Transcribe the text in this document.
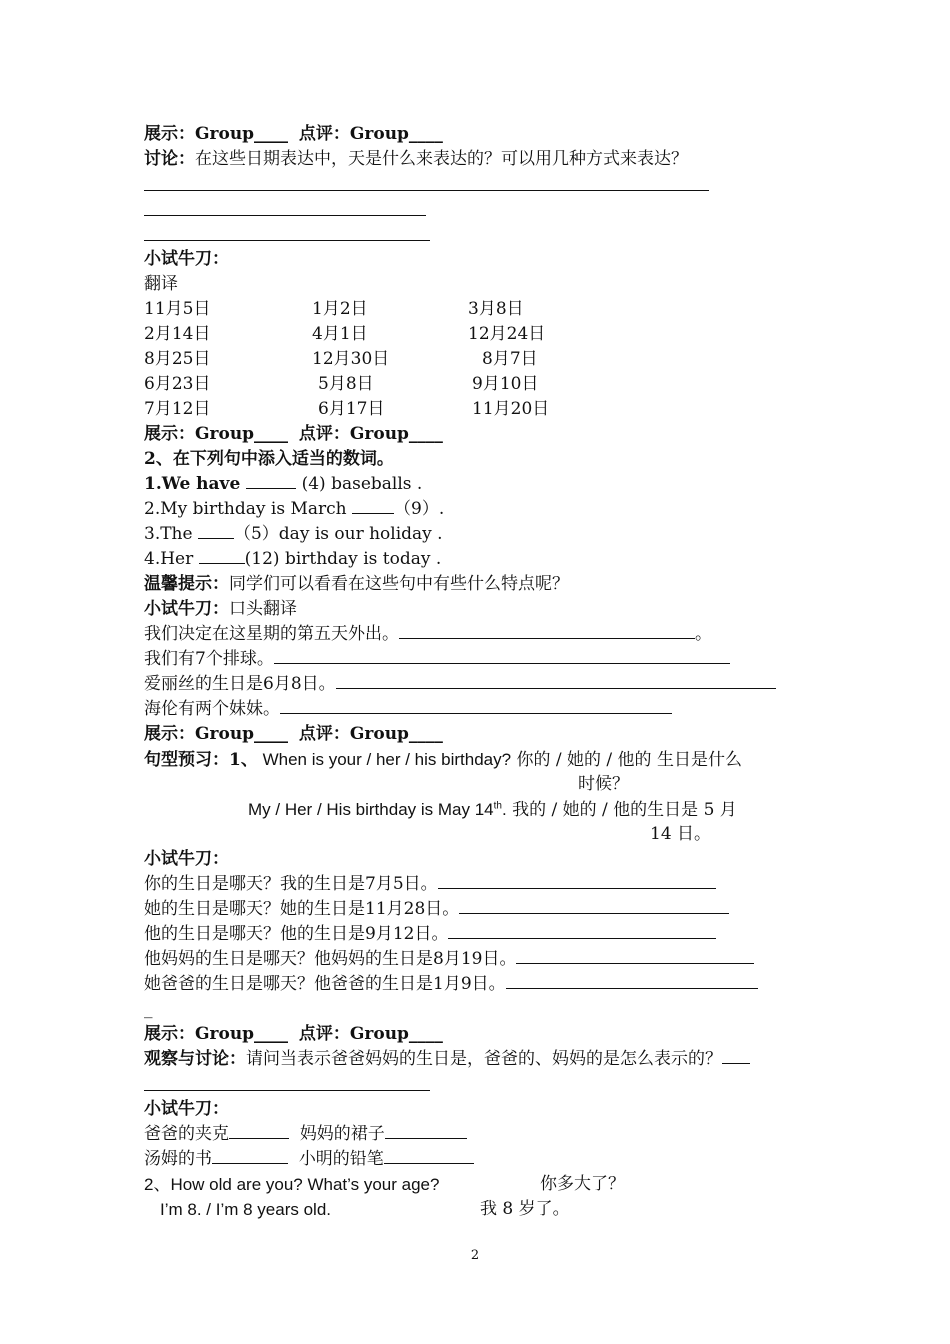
展示：Group____ 点评：Group____
讨论：在这些日期表达中，天是什么来表达的？可以用几种方式来表达？
小试牛刀：
翻译
11月5日	1月2日	3月8日
2月14日	4月1日	12月24日
8月25日	12月30日	8月7日
6月23日	5月8日	9月10日
7月12日	6月17日	11月20日
展示：Group____ 点评：Group____
2、在下列句中添入适当的数词。
1.We have	(4) baseballs .
2.My birthday is March （9）.
3.The （5）day is our holiday .
4.Her	(12) birthday is today .
温馨提示：同学们可以看看在这些句中有些什么特点呢？
小试牛刀：口头翻译
我们决定在这星期的第五天外出。	。
我们有7个排球。
爱丽丝的生日是6月8日。
海伦有两个妹妹。
展示：Group____ 点评：Group____
句型预习：1、 When is your / her / his birthday? 你的 / 她的 / 他的 生日是什么
时候？
My / Her / His birthday is May 14th. 我的 / 她的 / 他的生日是 5 月
14 日。
小试牛刀：
你的生日是哪天？我的生日是7月5日。
她的生日是哪天？她的生日是11月28日。
他的生日是哪天？他的生日是9月12日。
他妈妈的生日是哪天？他妈妈的生日是8月19日。
她爸爸的生日是哪天？他爸爸的生日是1月9日。
_
展示：Group____ 点评：Group____
观察与讨论：请问当表示爸爸妈妈的生日是，爸爸的、妈妈的是怎么表示的？
小试牛刀：
爸爸的夹克	妈妈的裙子
汤姆的书	小明的铅笔
2、How old are you? What’s your age?	你多大了？
I’m 8. / I’m 8 years old.	我 8 岁了。
2
